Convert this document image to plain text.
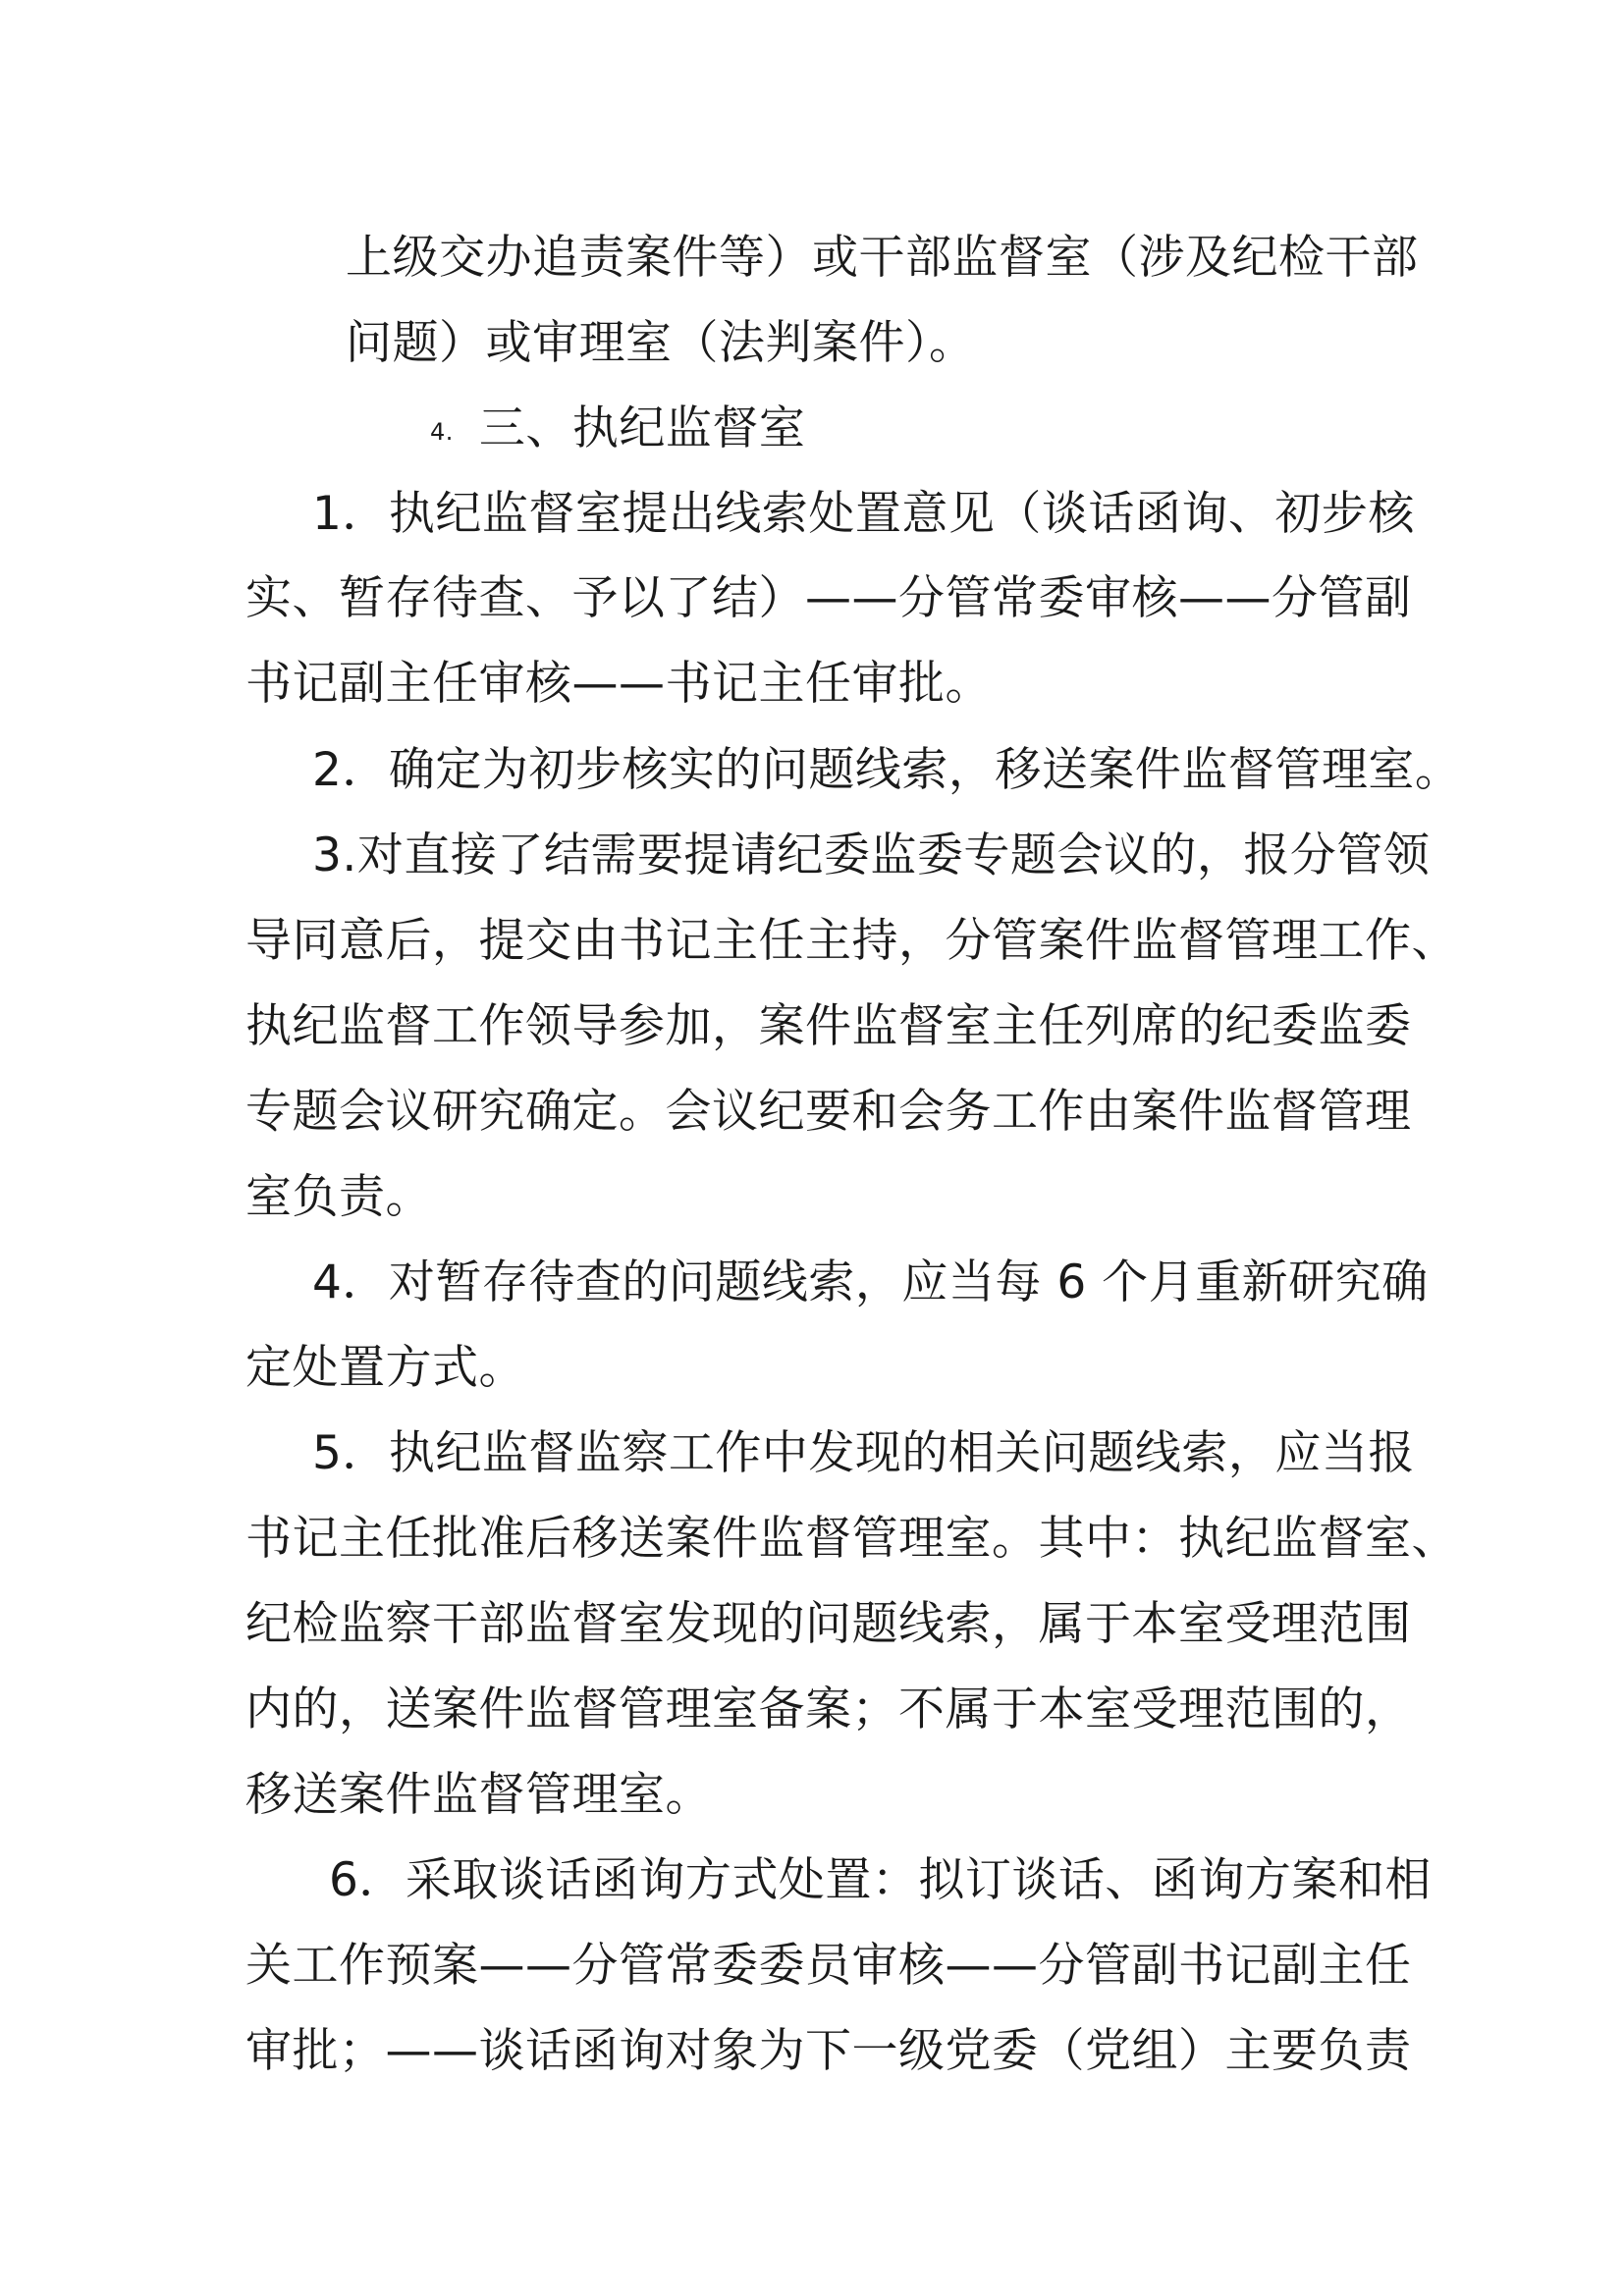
上级交办追责案件等）或干部监督室（涉及纪检干部
问题）或审理室（法判案件）。
4. 三、执纪监督室
1．执纪监督室提出线索处置意见（谈话函询、初步核
实、暂存待查、予以了结）——分管常委审核——分管副
书记副主任审核——书记主任审批。
2．确定为初步核实的问题线索，移送案件监督管理室。
3.对直接了结需要提请纪委监委专题会议的，报分管领
导同意后，提交由书记主任主持，分管案件监督管理工作、
执纪监督工作领导参加，案件监督室主任列席的纪委监委
专题会议研究确定。会议纪要和会务工作由案件监督管理
室负责。
4．对暂存待查的问题线索，应当每 6 个月重新研究确
定处置方式。
5．执纪监督监察工作中发现的相关问题线索，应当报
书记主任批准后移送案件监督管理室。其中：执纪监督室、
纪检监察干部监督室发现的问题线索，属于本室受理范围
内的，送案件监督管理室备案；不属于本室受理范围的，
移送案件监督管理室。
6．采取谈话函询方式处置：拟订谈话、函询方案和相
关工作预案——分管常委委员审核——分管副书记副主任
审批；——谈话函询对象为下一级党委（党组）主要负责
